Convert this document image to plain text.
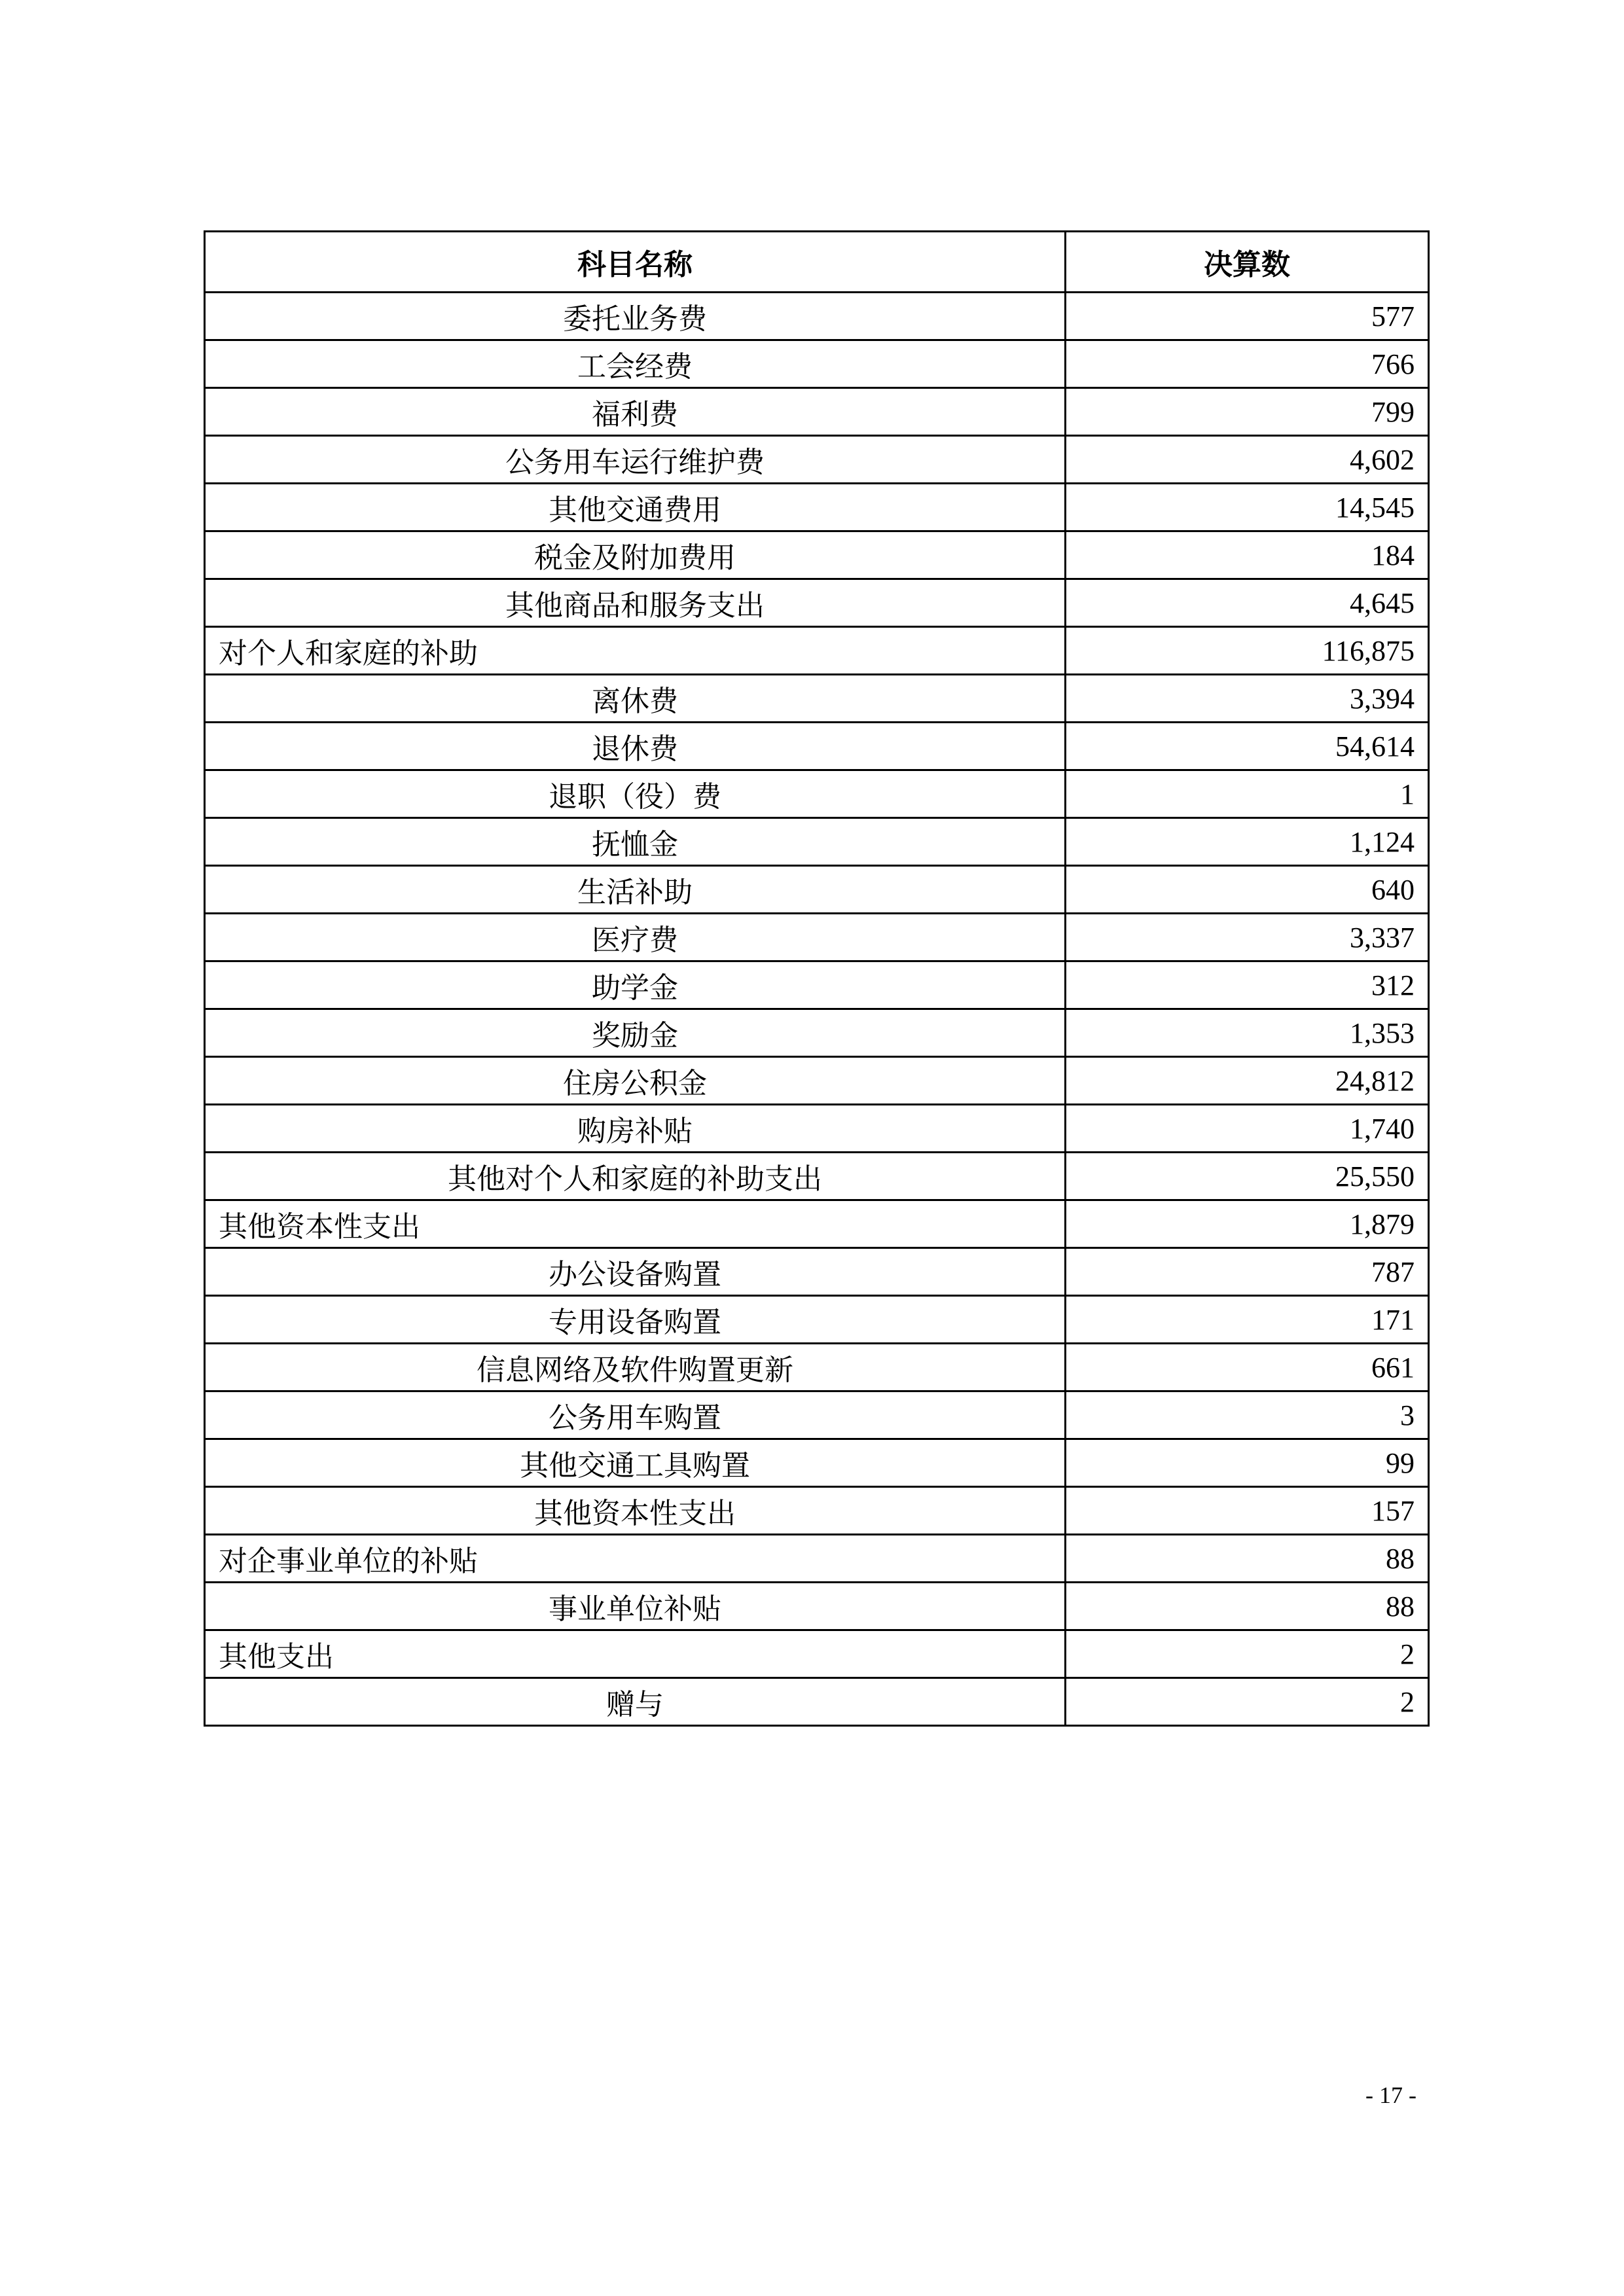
科目名称	决算数
委托业务费	577
工会经费	766
福利费	799
公务用车运行维护费	4,602
其他交通费用	14,545
税金及附加费用	184
其他商品和服务支出	4,645
对个人和家庭的补助	116,875
离休费	3,394
退休费	54,614
退职（役）费	1
抚恤金	1,124
生活补助	640
医疗费	3,337
助学金	312
奖励金	1,353
住房公积金	24,812
购房补贴	1,740
其他对个人和家庭的补助支出	25,550
其他资本性支出	1,879
办公设备购置	787
专用设备购置	171
信息网络及软件购置更新	661
公务用车购置	3
其他交通工具购置	99
其他资本性支出	157
对企事业单位的补贴	88
事业单位补贴	88
其他支出	2
赠与	2
- 17 -
